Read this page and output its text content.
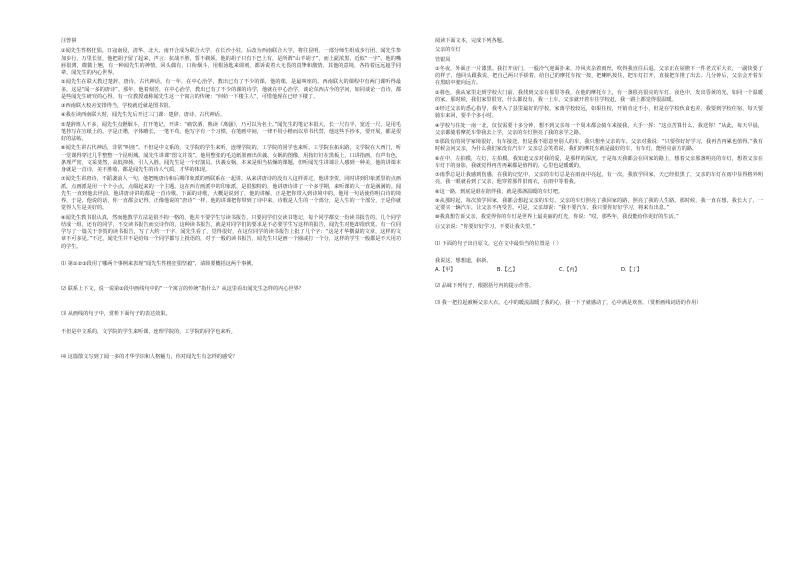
汪曾祺

①闻先生性格狂狷。日寇南侵，清华、北大、南开合成为联合大学，在长沙小驻，后改为西南联合大学，将往昆明。一部分师生组成步行团，闻先生参加步行，万里长征，他把胡子留了起来，声言：抗战不胜，誓不剃须。他的胡子只有下巴上有，是所谓“山羊胡子”，而上髭浓黑，近似“一字”。他的嘴唇很薄，微微上翘，有一种闻先生的神情，回头偶有，口衔烟斗，用根汤匙来调剂，都诉说着大无畏的真挚和激情，其他的意境，各持着远远超乎同辈，闻先生的内心世界。

②闻先生在联大教过楚辞、唐诗、古代神话。有一年，在中心治学，教出已有了不少的课，他的课，是最叫座的。西南联大的课程中有两门课听得最多，这是“闻一多的唐诗”。那年，他着刻苦，在中心治学，教出已有了不少的课的诗学，他就在中心治学，谈论东西古今的学问，如同谈论一首诗，都是些闻先生研究的心得，有一位教授戏称闻先生这一个寓言的传统：“何妨一下楼主人”，可惜他现在已经下楼了。

③西南联大校舍安排得当，学校就近就是图书馆。

④我在读西南联大时，闻先生先后开过三门课：楚辞、唐诗、古代神话。

⑤楚辞班人不多，闻先生点燃烟斗，打开笔记，开讲：“痛饮酒，熟读《离骚》，乃可以为名士。”闻先生的笔记本很大，长一尺有半，宽近一尺，是用毛笔抄写在宣纸上的。字是正楷，字体略长，一笔不苟。他写字有一个习惯，在笔画中间，一律不用小楷而以草书代替，他这些手抄本，要开展，都是很好的法帖。

⑥闻先生讲古代神话，非常“叫座”。不但是中文系的，文学院的学生来听，连理学院的、工学院的同学也来听。工学院在拓东路，文学院在大西门，听一堂课得穿过几乎整整一个昆明城。闻先生讲课“图文并茂”。他用整张的毛边纸墨画出伏羲、女娲的图像，用按钉钉在黑板上，口讲指画，有声有色，条理严密，文采斐然，高低抑扬，引人入胜。闻先生是一个好演员。伏羲女娲，本来是相当枯燥的课题，但听闻先生讲课让人感到一种美，他的讲课本身就是一首诗，美不胜收，都是闻先生的诗人气质，才华的体现。

⑦闻先生讲唐诗，不蹈袭前人一句，他把晚唐诗和后期印象派的画联系在一起讲。从来讲唐诗的没有人这样讲过，他讲李贺，同时讲到印象派里的点画派。点画派是用一个个小点，点缀起来的一个主题，这在西方画派中的印象派，是很独特的，他讲唐诗讲了一个多学期，来听课的人一直是满满的。闻先生一直到他去世前，他讲唐诗讲的都是一首诗歌。下面的诗歌，大概是说到了，他的讲解，正是把你带入到诗境中的。他用一句话使你明白诗的境界，于是，他说的话，你一直都会记得。正像他说的“唐诗”一样，他的讲课把你带到了诗中来，诗歌是人生的一个部分，是人生的一个部分，于是你就觉得人生是美好的。

⑧闻先生教书很认真，然而他教学方法是很不拘一格的，他并不要学生写读书报告，只要同学们交读书笔记，每个同学都交一份读书报告的，几个同学结成一组，还有的同学，不交读书报告而交诗作的，这种读书报告，就是对同学们的要求是不必要学生写这样的报告，闻先生对他却很欣赏。有一位同学写了一篇关于李贺的读书报告，写了大约一千字，闻先生看了，觉得很好，在这位同学的读书报告上批了几个字：“这是才华横溢的文章，这样的文章不可多见。”不过，闻先生并不是给每一个同学都写上批语的，对于一般的读书报告，闻先生只是画一个圈或打一个分，这样的学生一般都是不大用功的学生。

⑴ 第①②③段用了哪两个事例来表现“闻先生性格狂狷坚毅”，请简要概括这两个事例。

⑵ 联系上下文，说一说第②段中画线句中的“一个寓言的传统”指什么？从这里看出闻先生怎样的内心世界？

⑶ 从画线的句子中，赏析下面句子的表达效果。

不但是中文系的，文学院的学生来听课，连理学院的，工学院的同学也来听。

⑷ 这篇散文写到了闻一多的才华学识和人格魅力，你对闻先生有怎样的感受？

阅读下面文本，完成下列各题。

父亲的车灯

管银凤

①冬夜，外面正一片漆黑。我打开房门，一股冷气迎面扑来，冷风夹杂着雨丝，吹得我直往后退。父亲正在屋檐下一件老式军大衣，一副快要了的样子，他回头跟我说，把自己两只手搓着，给自己的摩托车按一按，把喇叭按住，把车灯打开，直接把车推了出去。几分钟后，父亲会开着车在黑暗中驶向远方。

②暮色，我从家里走到学校大门前，我找到父亲在那里等我，在他的摩托车上，有一盏很亮很亮的车灯，夜色中，发出昏黄的光，如同一个温暖的家。那时候，我们家里很穷，什么都没有，我一上车，父亲就开着车往学校赶，我一路上都觉得很温暖。

③经过父亲的悉心指导，我考入了县里最好的学校。家离学校较远，如果住校，开销肯定不小，但是在学校伙食也差，我要到学校住宿，每天要骑车来回，要半个多小时。

④学校与住处一南一北，仅仅需要十多分钟，想不到父亲每一个周末都会骑车来接我，大手一挥：“这点苦算什么，我送你！”从此，每天早晨，父亲都骑着摩托车带我去上学，父亲的车灯照亮了我的求学之路。

⑤那段有的同学家境很好，有车接送，但是我不愿意坐别人的车，我只想坐父亲的车。父亲对我说：“只要你好好学习，我再苦再累也值得。”我有时候会问父亲，为什么我们家没有汽车？父亲总会笑着说，我们的摩托车就是最好的车，有车灯，能照亮前方的路。

⑥在中，左拍模，左灯，左拍模。我知道父亲对我的爱，是那样的深沉。于是每天我都会在回家的路上，想着父亲那盏明亮的车灯，想着父亲在车灯下的身影，我就觉得再苦再累都是值得的，心里也是暖暖的。

⑦雨季总是让我感到伤感，在我的记忆中，父亲的车灯总是在雨夜中亮起，有一次，我放学回家，天已经很黑了，父亲的车灯在雨中显得格外明亮，我一眼就看到了父亲，他穿着那件旧雨衣，在雨中等着我。

⑧这一路，到底是谁在陪伴我，就是那盏温暖的车灯吧。

⑨从那时起，每次放学回家，我都会想起父亲的车灯。父亲的车灯照亮了我回家的路，照亮了我的人生路。那时候，我一直在想，我长大了，一定要买一辆汽车，让父亲不再受苦。可是，父亲却说：“我不要汽车，我只要你好好学习，将来有出息。”

⑩我真想告诉父亲，我觉得你的车灯是世界上最美丽的灯光，你说：“哎，那些年，我没能给你更好的生活。”

⑪父亲说：“你要好好学习，不要让我失望。”

⑴ 下面的句子出自原文，它在文中最恰当的位置是（ ）

我说这，想想道，崭新。

A.【甲】	B.【乙】	C.【丙】	D.【丁】

⑵ 品味下列句子，根据括号内的提示作答。

⑶ 我一把拉起被褥父亲大衣。心中的暖流温暖了我的心，我一下子就感动了，心中满是欢喜。（赏析画线词语的作用）
